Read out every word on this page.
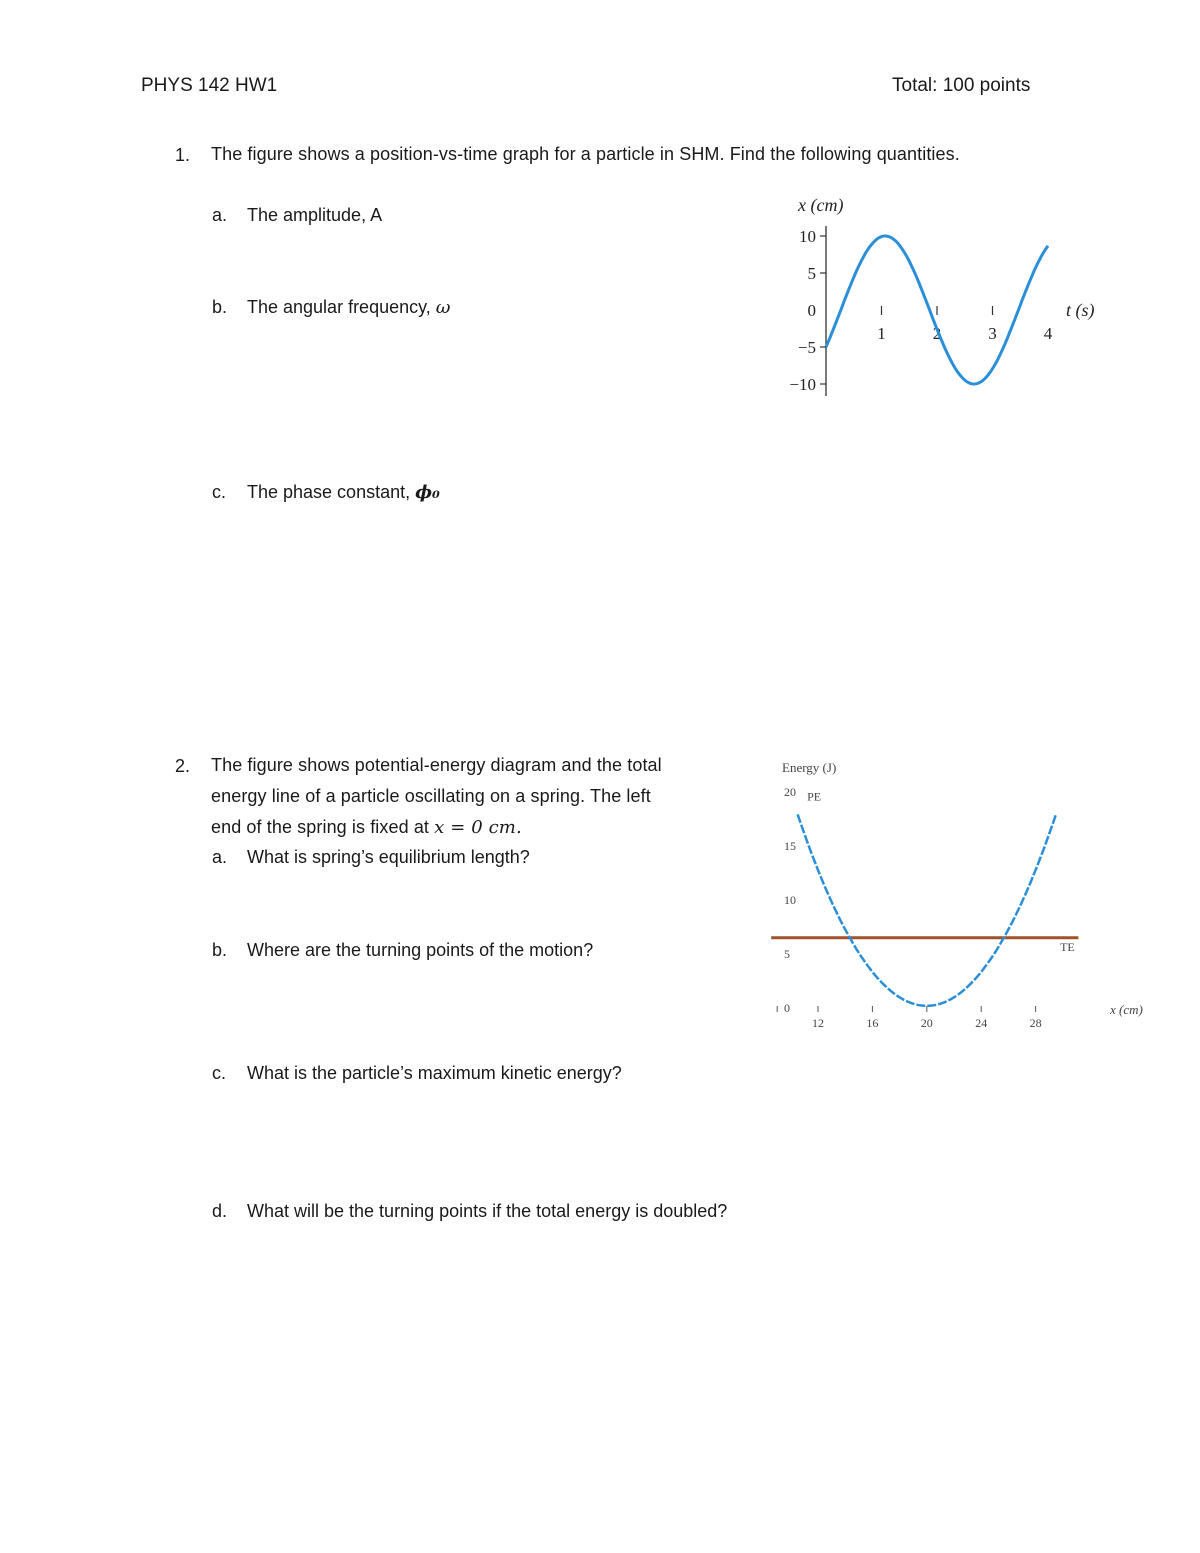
PHYS 142 HW1	Total: 100 points
1. The figure shows a position-vs-time graph for a particle in SHM. Find the following quantities.
a. The amplitude, A
b. The angular frequency, ω
c. The phase constant, ϕ₀
x (cm)
10
5
0
−5
−10
1	2	3	4
t (s)
2. The figure shows potential-energy diagram and the total
energy line of a particle oscillating on a spring. The left
end of the spring is fixed at x = 0 cm.
a. What is spring’s equilibrium length?
b. Where are the turning points of the motion?
c. What is the particle’s maximum kinetic energy?
d. What will be the turning points if the total energy is doubled?
Energy (J)
20
15
10
5
0
12	16	20	24	28
x (cm)
PE
TE
